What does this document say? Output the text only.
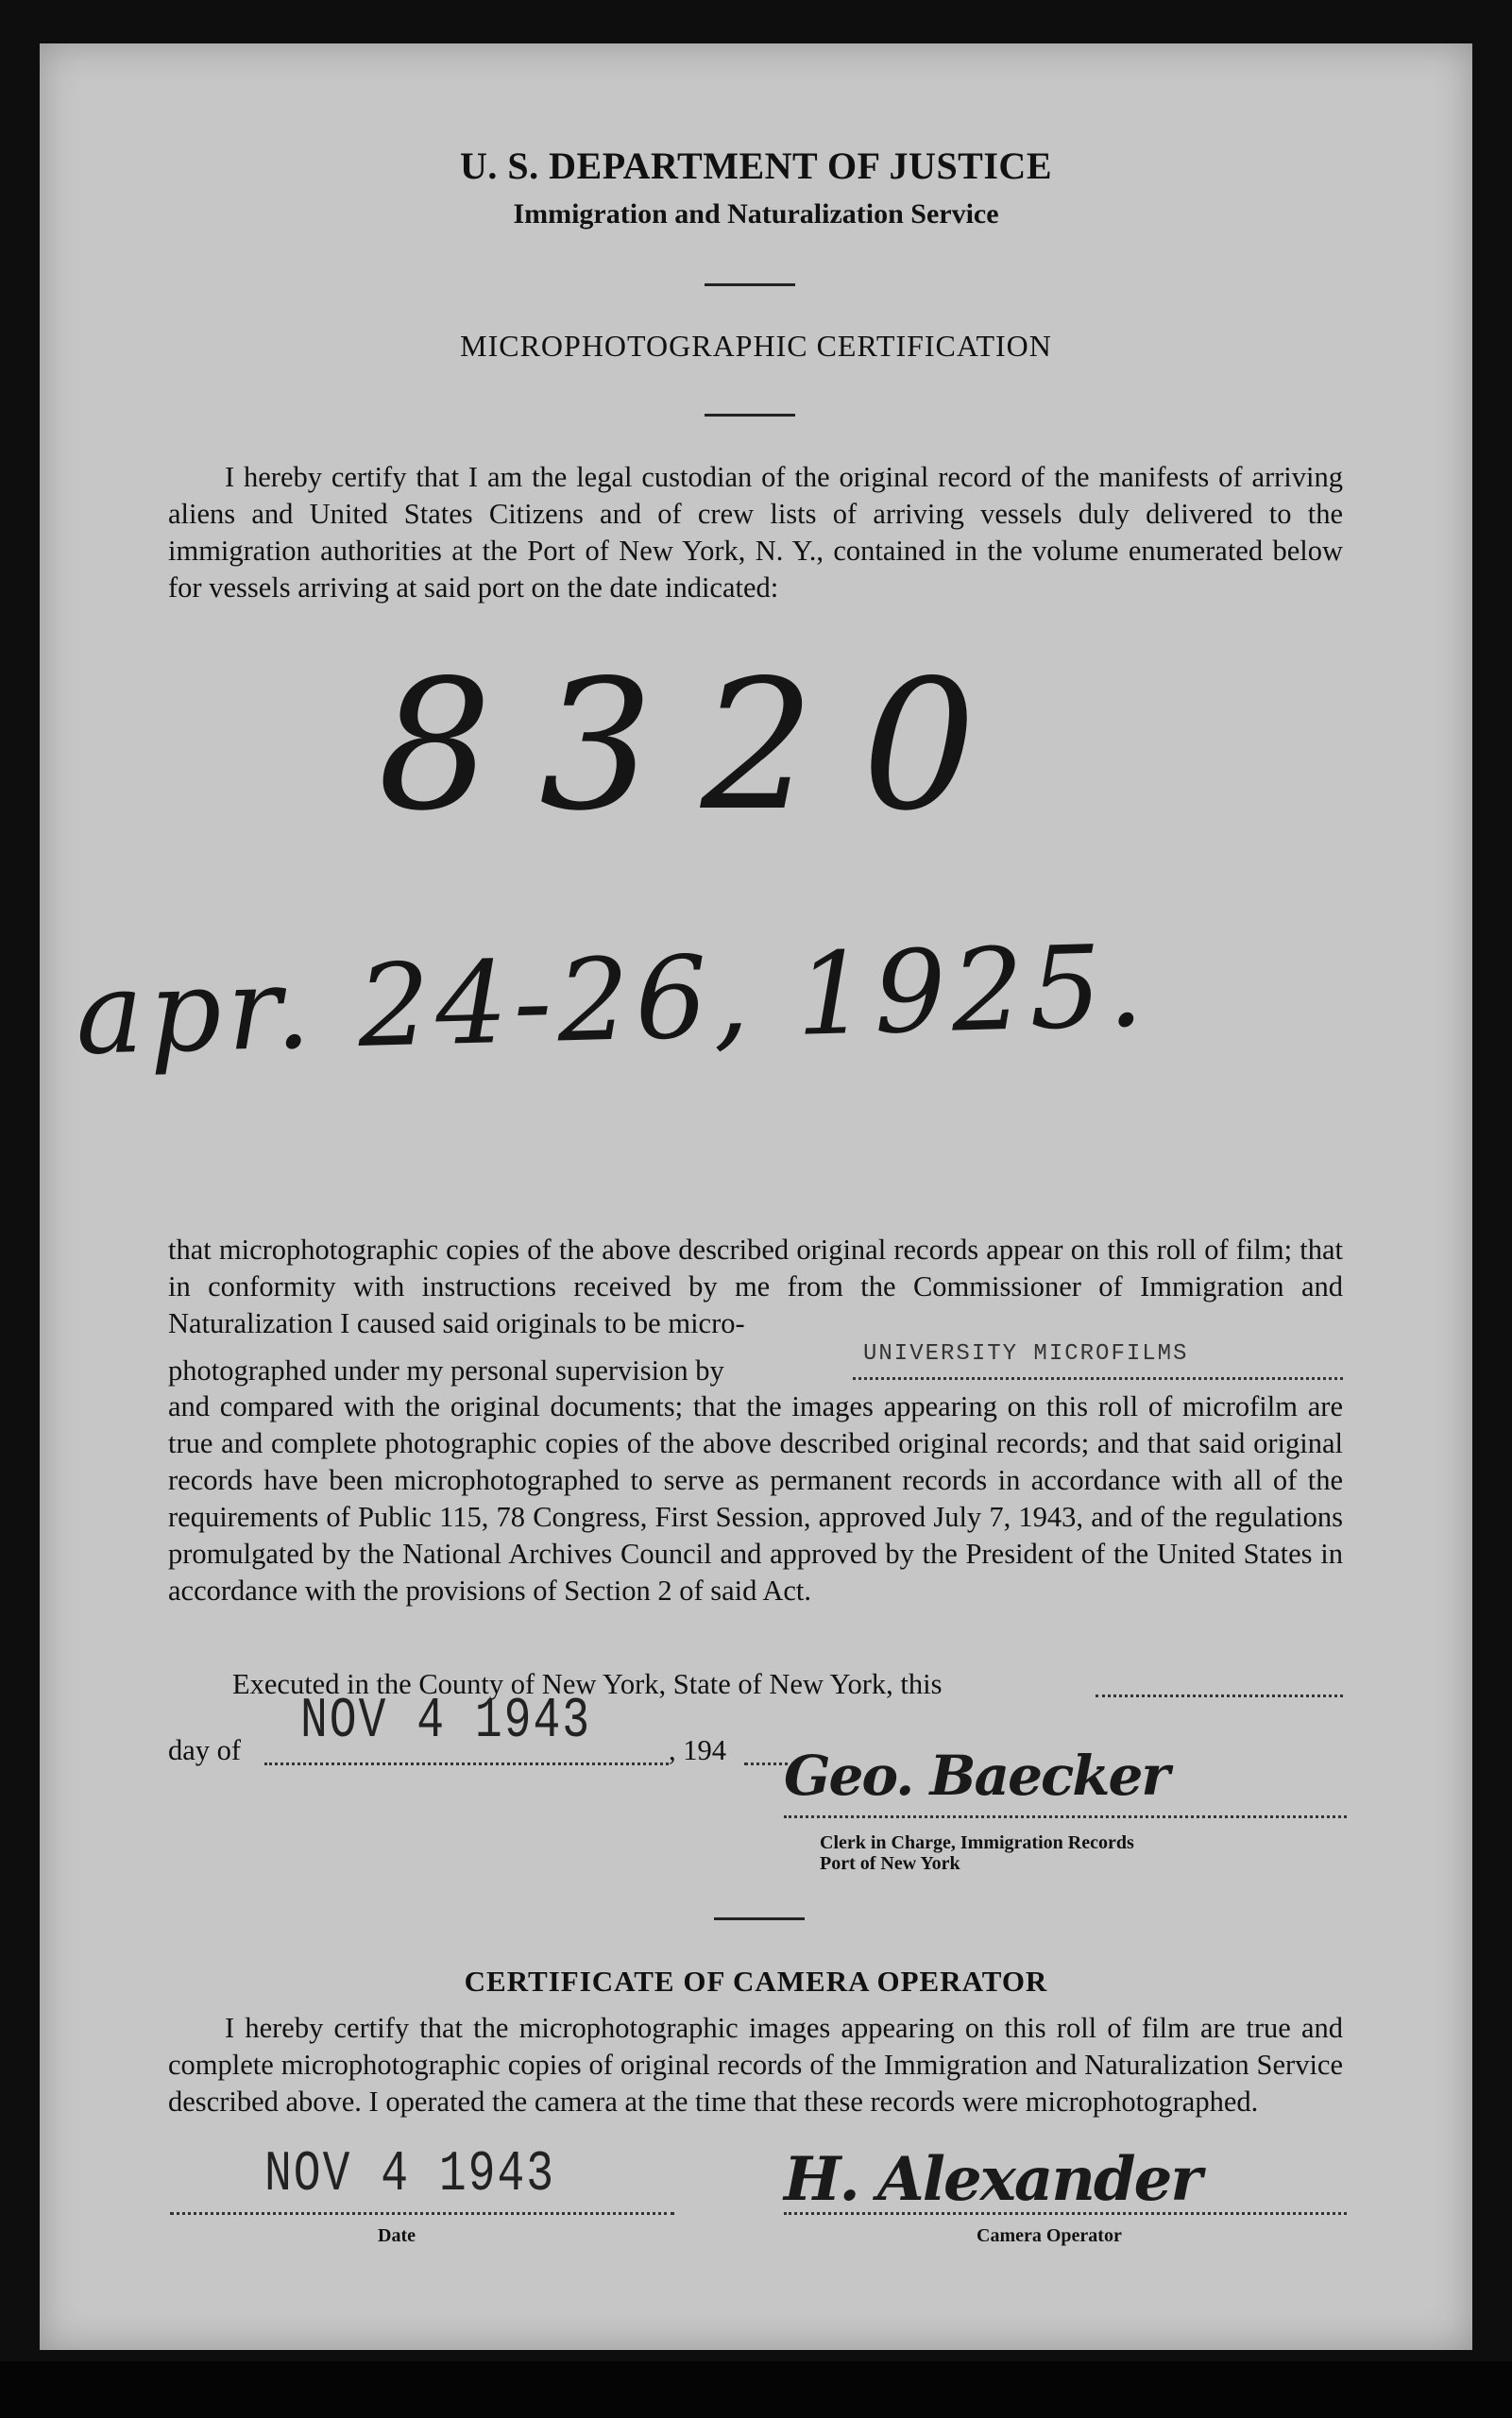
U. S. DEPARTMENT OF JUSTICE
Immigration and Naturalization Service
MICROPHOTOGRAPHIC CERTIFICATION

I hereby certify that I am the legal custodian of the original record of the manifests of arriving aliens and United States Citizens and of crew lists of arriving vessels duly delivered to the immigration authorities at the Port of New York, N. Y., contained in the volume enumerated below for vessels arriving at said port on the date indicated:

8320
apr. 24-26, 1925.

that microphotographic copies of the above described original records appear on this roll of film; that in conformity with instructions received by me from the Commissioner of Immigration and Naturalization I caused said originals to be micro-

photographed under my personal supervision by
UNIVERSITY MICROFILMS

and compared with the original documents; that the images appearing on this roll of microfilm are true and complete photographic copies of the above described original records; and that said original records have been microphotographed to serve as permanent records in accordance with all of the requirements of Public 115, 78 Congress, First Session, approved July 7, 1943, and of the regulations promulgated by the National Archives Council and approved by the President of the United States in accordance with the provisions of Section 2 of said Act.

Executed in the County of New York, State of New York, this
day of NOV 4 1943	, 194 Geo. Baecker
Clerk in Charge, Immigration Records
Port of New York
CERTIFICATE OF CAMERA OPERATOR

I hereby certify that the microphotographic images appearing on this roll of film are true and complete microphotographic copies of original records of the Immigration and Naturalization Service described above. I operated the camera at the time that these records were microphotographed.

NOV 4 1943
Date
H. Alexander
Camera Operator
